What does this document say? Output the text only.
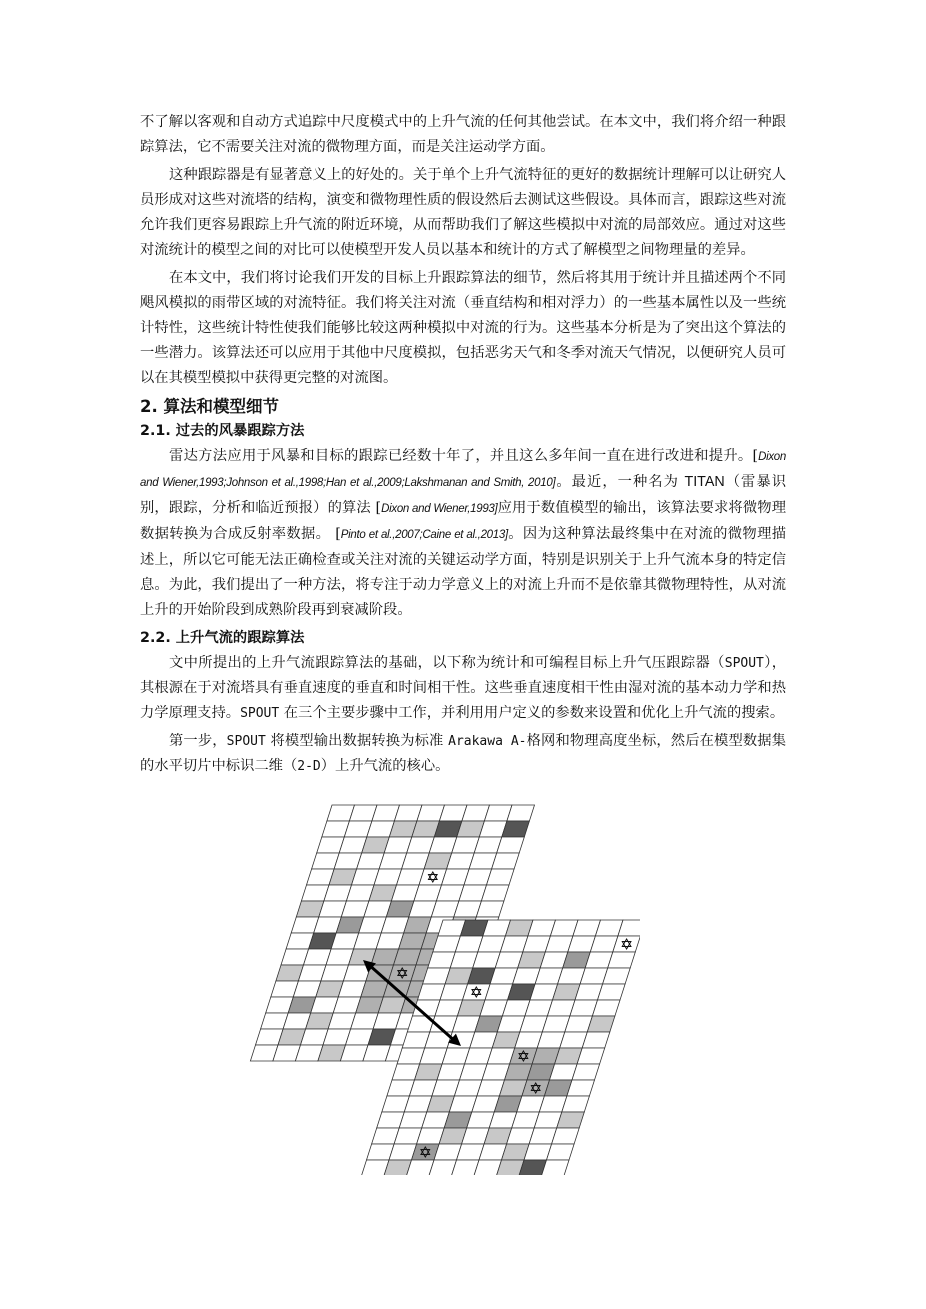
不了解以客观和自动方式追踪中尺度模式中的上升气流的任何其他尝试。在本文中，我们将介绍一种跟踪算法，它不需要关注对流的微物理方面，而是关注运动学方面。

这种跟踪器是有显著意义上的好处的。关于单个上升气流特征的更好的数据统计理解可以让研究人员形成对这些对流塔的结构，演变和微物理性质的假设然后去测试这些假设。具体而言，跟踪这些对流允许我们更容易跟踪上升气流的附近环境，从而帮助我们了解这些模拟中对流的局部效应。通过对这些对流统计的模型之间的对比可以使模型开发人员以基本和统计的方式了解模型之间物理量的差异。

在本文中，我们将讨论我们开发的目标上升跟踪算法的细节，然后将其用于统计并且描述两个不同飓风模拟的雨带区域的对流特征。我们将关注对流（垂直结构和相对浮力）的一些基本属性以及一些统计特性，这些统计特性使我们能够比较这两种模拟中对流的行为。这些基本分析是为了突出这个算法的一些潜力。该算法还可以应用于其他中尺度模拟，包括恶劣天气和冬季对流天气情况，以便研究人员可以在其模型模拟中获得更完整的对流图。

2. 算法和模型细节
2.1. 过去的风暴跟踪方法

雷达方法应用于风暴和目标的跟踪已经数十年了，并且这么多年间一直在进行改进和提升。[Dixon and Wiener,1993;Johnson et al.,1998;Han et al.,2009;Lakshmanan and Smith, 2010]。最近，一种名为 TITAN（雷暴识别，跟踪，分析和临近预报）的算法 [Dixon and Wiener,1993]应用于数值模型的输出，该算法要求将微物理数据转换为合成反射率数据。 [Pinto et al.,2007;Caine et al.,2013]。因为这种算法最终集中在对流的微物理描述上，所以它可能无法正确检查或关注对流的关键运动学方面，特别是识别关于上升气流本身的特定信息。为此，我们提出了一种方法，将专注于动力学意义上的对流上升而不是依靠其微物理特性，从对流上升的开始阶段到成熟阶段再到衰减阶段。

2.2. 上升气流的跟踪算法

文中所提出的上升气流跟踪算法的基础，以下称为统计和可编程目标上升气压跟踪器（SPOUT），其根源在于对流塔具有垂直速度的垂直和时间相干性。这些垂直速度相干性由湿对流的基本动力学和热力学原理支持。SPOUT 在三个主要步骤中工作，并利用用户定义的参数来设置和优化上升气流的搜索。

第一步，SPOUT 将模型输出数据转换为标准 Arakawa A-格网和物理高度坐标，然后在模型数据集的水平切片中标识二维（2-D）上升气流的核心。
